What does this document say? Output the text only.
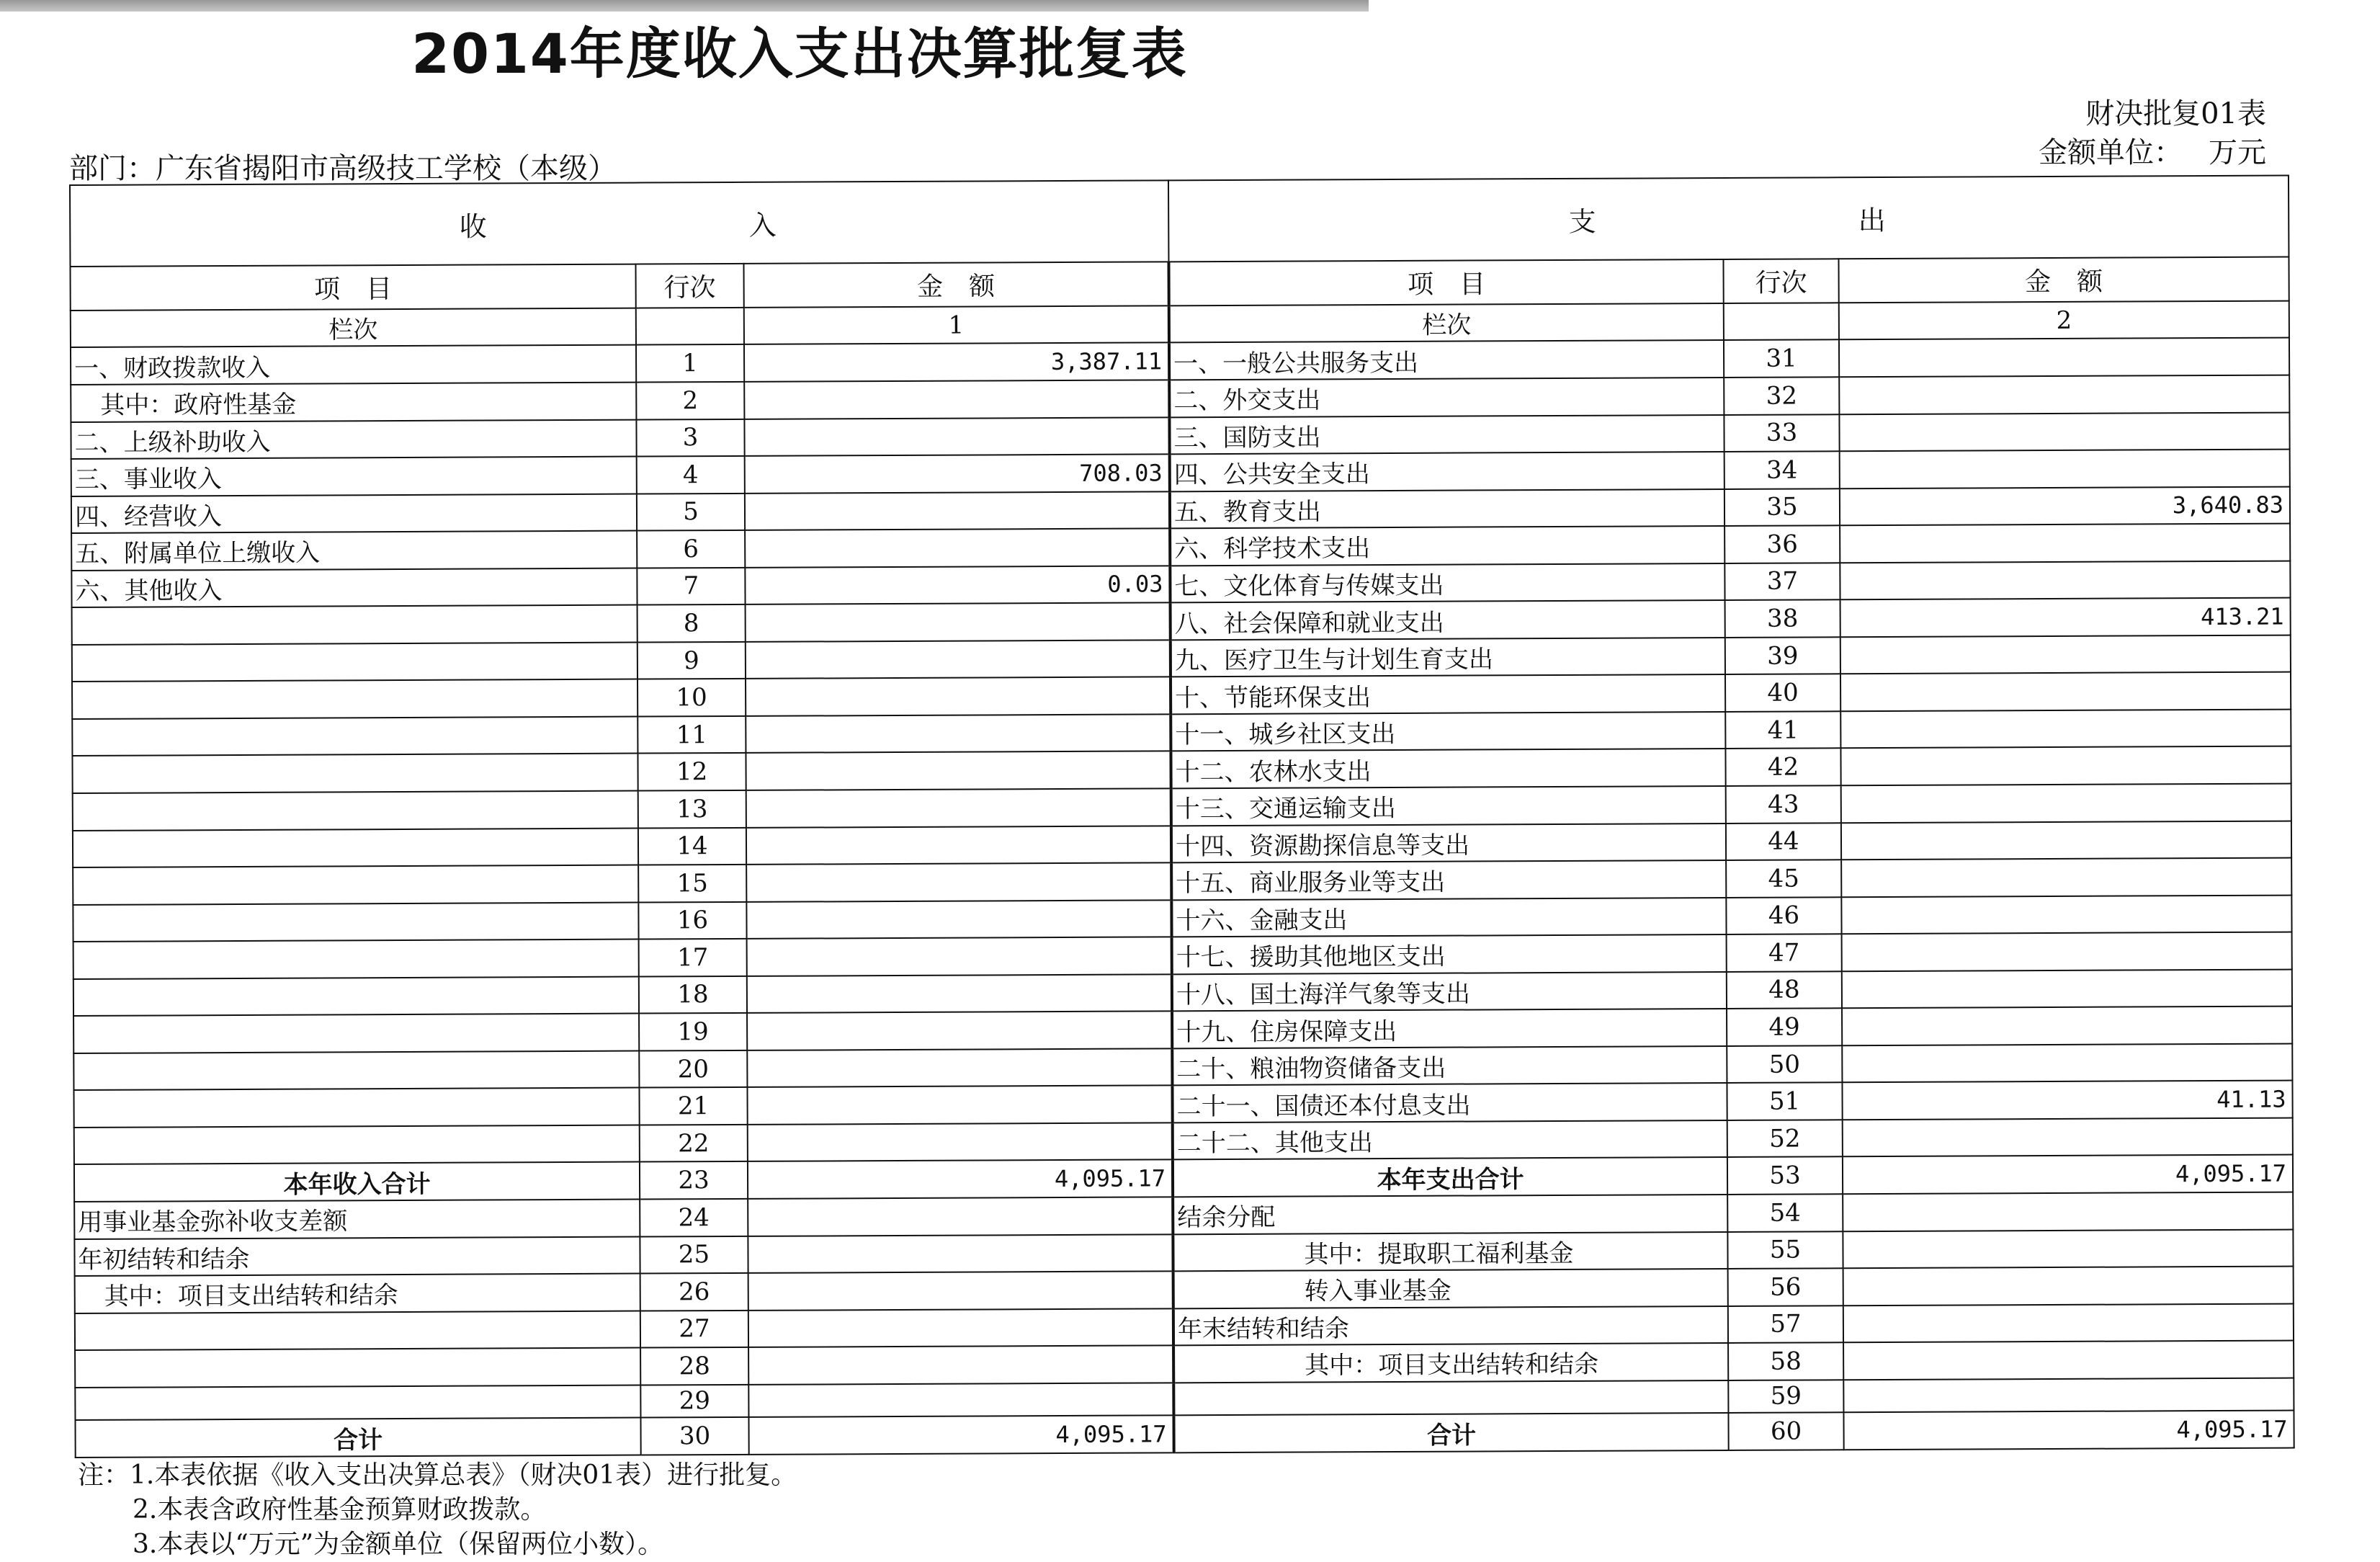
2014年度收入支出决算批复表
财决批复01表
金额单位： 万元
部门：广东省揭阳市高级技工学校（本级）
收 入			支 出		
项　目	行次	金　额	项　目	行次	金　额
栏次		1	栏次		2
一、财政拨款收入	1	3,387.11	一、一般公共服务支出	31	
其中：政府性基金	2		二、外交支出	32	
二、上级补助收入	3		三、国防支出	33	
三、事业收入	4	708.03	四、公共安全支出	34	
四、经营收入	5		五、教育支出	35	3,640.83
五、附属单位上缴收入	6		六、科学技术支出	36	
六、其他收入	7	0.03	七、文化体育与传媒支出	37	
	8		八、社会保障和就业支出	38	413.21
	9		九、医疗卫生与计划生育支出	39	
	10		十、节能环保支出	40	
	11		十一、城乡社区支出	41	
	12		十二、农林水支出	42	
	13		十三、交通运输支出	43	
	14		十四、资源勘探信息等支出	44	
	15		十五、商业服务业等支出	45	
	16		十六、金融支出	46	
	17		十七、援助其他地区支出	47	
	18		十八、国土海洋气象等支出	48	
	19		十九、住房保障支出	49	
	20		二十、粮油物资储备支出	50	
	21		二十一、国债还本付息支出	51	41.13
	22		二十二、其他支出	52	
本年收入合计	23	4,095.17	本年支出合计	53	4,095.17
用事业基金弥补收支差额	24		结余分配	54	
年初结转和结余	25		其中：提取职工福利基金	55	
其中：项目支出结转和结余	26		转入事业基金	56	
	27		年末结转和结余	57	
	28		其中：项目支出结转和结余	58	
	29			59	
合计	30	4,095.17	合计	60	4,095.17
注：1.本表依据《收入支出决算总表》（财决01表）进行批复。
2.本表含政府性基金预算财政拨款。
3.本表以“万元”为金额单位（保留两位小数）。
